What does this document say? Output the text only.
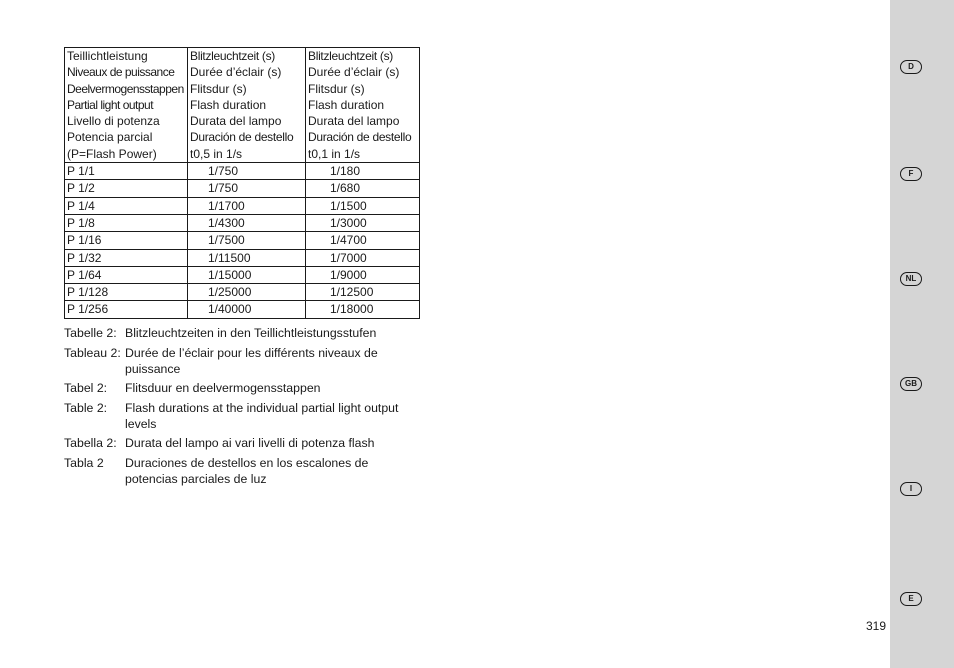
Teillichtleistung	Blitzleuchtzeit (s)	Blitzleuchtzeit (s)
Niveaux de puissance	Durée d’éclair (s)	Durée d’éclair (s)
Deelvermogensstappen	Flitsdur (s)	Flitsdur (s)
Partial light output	Flash duration	Flash duration
Livello di potenza	Durata del lampo	Durata del lampo
Potencia parcial	Duración de destello	Duración de destello
(P=Flash Power)	t0,5 in 1/s	t0,1 in 1/s
P 1/1	1/750	1/180
P 1/2	1/750	1/680
P 1/4	1/1700	1/1500
P 1/8	1/4300	1/3000
P 1/16	1/7500	1/4700
P 1/32	1/11500	1/7000
P 1/64	1/15000	1/9000
P 1/128	1/25000	1/12500
P 1/256	1/40000	1/18000
Tabelle 2: Blitzleuchtzeiten in den Teillichtleistungsstufen
Tableau 2: Durée de l’éclair pour les différents niveaux de puissance
Tabel 2: Flitsduur en deelvermogensstappen
Table 2: Flash durations at the individual partial light output levels
Tabella 2: Durata del lampo ai vari livelli di potenza flash
Tabla 2 Duraciones de destellos en los escalones de potencias parciales de luz
D
F
NL
GB
I
E
319
